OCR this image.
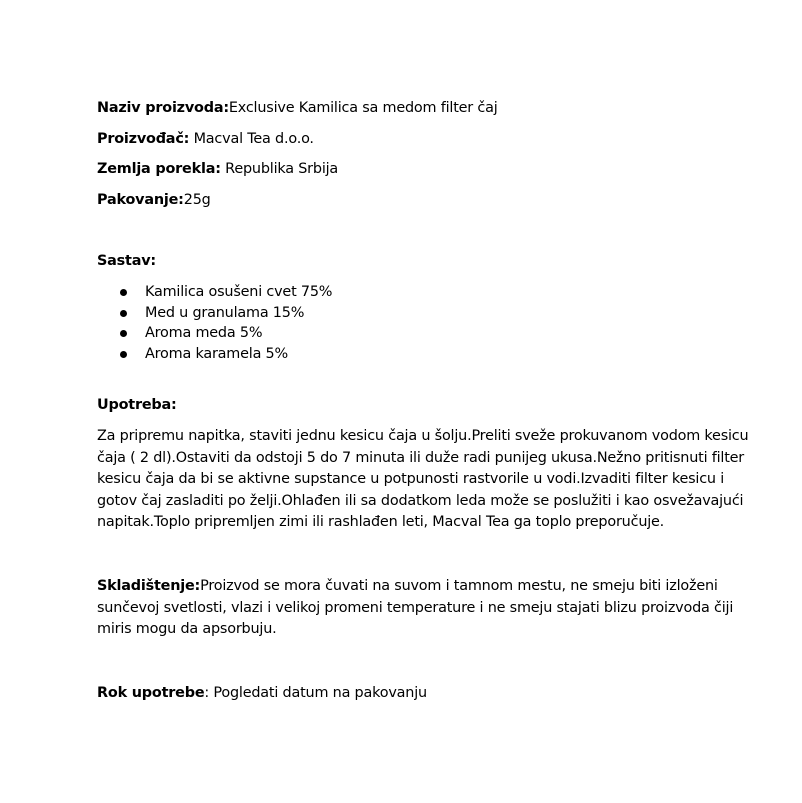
Naziv proizvoda:Exclusive Kamilica sa medom filter čaj
Proizvođač: Macval Tea d.o.o.
Zemlja porekla: Republika Srbija
Pakovanje:25g
Sastav:
Kamilica osušeni cvet 75%
Med u granulama 15%
Aroma meda 5%
Aroma karamela 5%
Upotreba:
Za pripremu napitka, staviti jednu kesicu čaja u šolju.Preliti sveže prokuvanom vodom kesicu
čaja ( 2 dl).Ostaviti da odstoji 5 do 7 minuta ili duže radi punijeg ukusa.Nežno pritisnuti filter
kesicu čaja da bi se aktivne supstance u potpunosti rastvorile u vodi.Izvaditi filter kesicu i
gotov čaj zasladiti po želji.Ohlađen ili sa dodatkom leda može se poslužiti i kao osvežavajući
napitak.Toplo pripremljen zimi ili rashlađen leti, Macval Tea ga toplo preporučuje.
Skladištenje:Proizvod se mora čuvati na suvom i tamnom mestu, ne smeju biti izloženi
sunčevoj svetlosti, vlazi i velikoj promeni temperature i ne smeju stajati blizu proizvoda čiji
miris mogu da apsorbuju.
Rok upotrebe: Pogledati datum na pakovanju
